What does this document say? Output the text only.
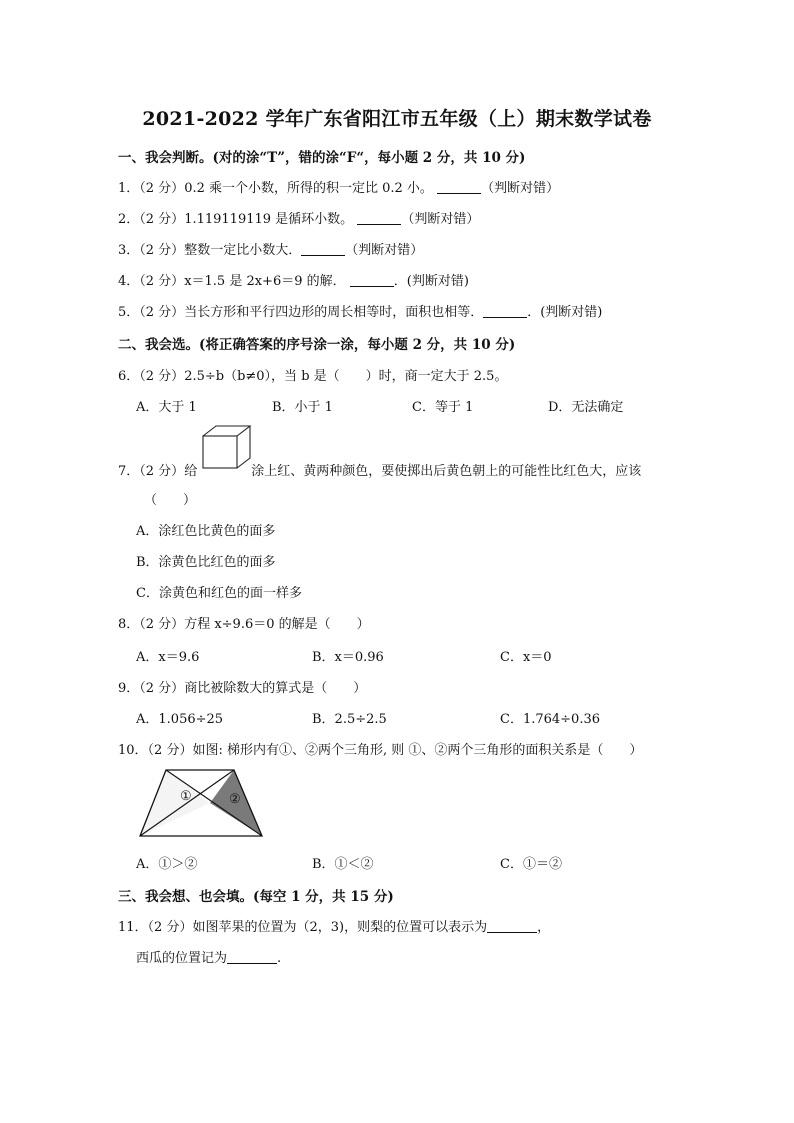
2021-2022 学年广东省阳江市五年级（上）期末数学试卷
一、我会判断。(对的涂“T”，错的涂“F“，每小题 2 分，共 10 分)
1．（2 分）0.2 乘一个小数，所得的积一定比 0.2 小。	（判断对错）
2．（2 分）1.119119119 是循环小数。	（判断对错）
3．（2 分）整数一定比小数大．	（判断对错）
4．（2 分）x＝1.5 是 2x+6＝9 的解．	．(判断对错)
5．（2 分）当长方形和平行四边形的周长相等时，面积也相等．	．(判断对错)
二、我会选。(将正确答案的序号涂一涂，每小题 2 分，共 10 分)
6．（2 分）2.5÷b（b≠0），当 b 是（　　）时，商一定大于 2.5。
A．大于 1	B．小于 1	C．等于 1	D．无法确定
7．（2 分）给	涂上红、黄两种颜色，要使掷出后黄色朝上的可能性比红色大，应该
（　　）
A．涂红色比黄色的面多
B．涂黄色比红色的面多
C．涂黄色和红色的面一样多
8．（2 分）方程 x÷9.6＝0 的解是（　　）
A．x＝9.6	B．x＝0.96	C．x＝0
9．（2 分）商比被除数大的算式是（　　）
A．1.056÷25	B．2.5÷2.5	C．1.764÷0.36
10．（2 分）如图: 梯形内有①、②两个三角形, 则 ①、②两个三角形的面积关系是（　　）
①	②
A．①＞②	B．①＜②	C．①＝②
三、我会想、也会填。(每空 1 分，共 15 分)
11．（2 分）如图苹果的位置为（2，3)，则梨的位置可以表示为	，
西瓜的位置记为	.
